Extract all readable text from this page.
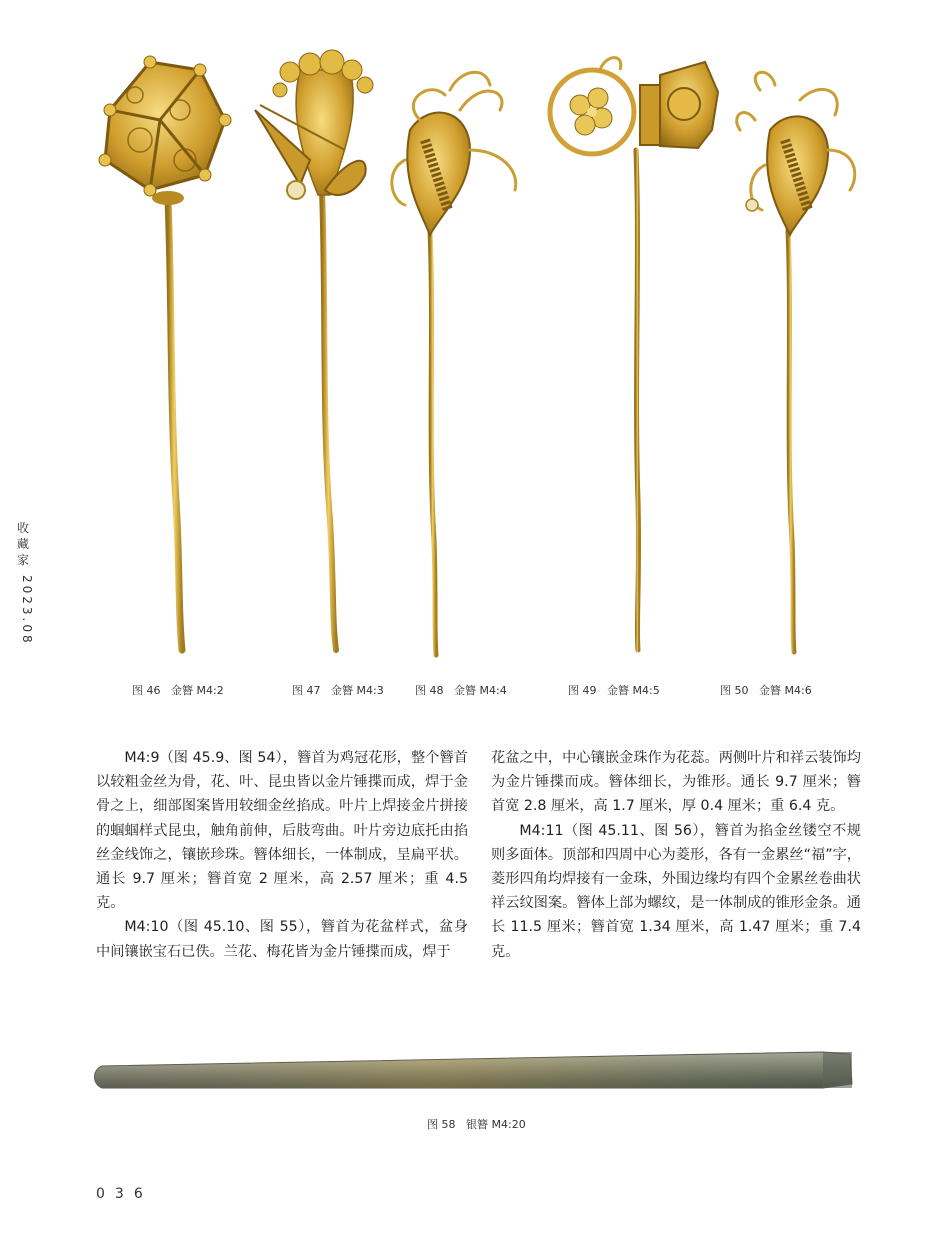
收
藏
家
2023.08
图 46 金簪 M4:2	图 47 金簪 M4:3	图 48 金簪 M4:4	图 49 金簪 M4:5	图 50 金簪 M4:6

M4:9（图 45.9、图 54），簪首为鸡冠花形，整个簪首以较粗金丝为骨，花、叶、昆虫皆以金片锤揲而成，焊于金骨之上，细部图案皆用较细金丝掐成。叶片上焊接金片拼接的蝈蝈样式昆虫，触角前伸，后肢弯曲。叶片旁边底托由掐丝金线饰之，镶嵌珍珠。簪体细长，一体制成，呈扁平状。通长 9.7 厘米；簪首宽 2 厘米，高 2.57 厘米；重 4.5 克。

M4:10（图 45.10、图 55），簪首为花盆样式，盆身中间镶嵌宝石已佚。兰花、梅花皆为金片锤揲而成，焊于

花盆之中，中心镶嵌金珠作为花蕊。两侧叶片和祥云装饰均为金片锤揲而成。簪体细长，为锥形。通长 9.7 厘米；簪首宽 2.8 厘米，高 1.7 厘米，厚 0.4 厘米；重 6.4 克。

M4:11（图 45.11、图 56），簪首为掐金丝镂空不规则多面体。顶部和四周中心为菱形，各有一金累丝“福”字，菱形四角均焊接有一金珠，外围边缘均有四个金累丝卷曲状祥云纹图案。簪体上部为螺纹，是一体制成的锥形金条。通长 11.5 厘米；簪首宽 1.34 厘米，高 1.47 厘米；重 7.4 克。

图 58 银簪 M4:20
036
